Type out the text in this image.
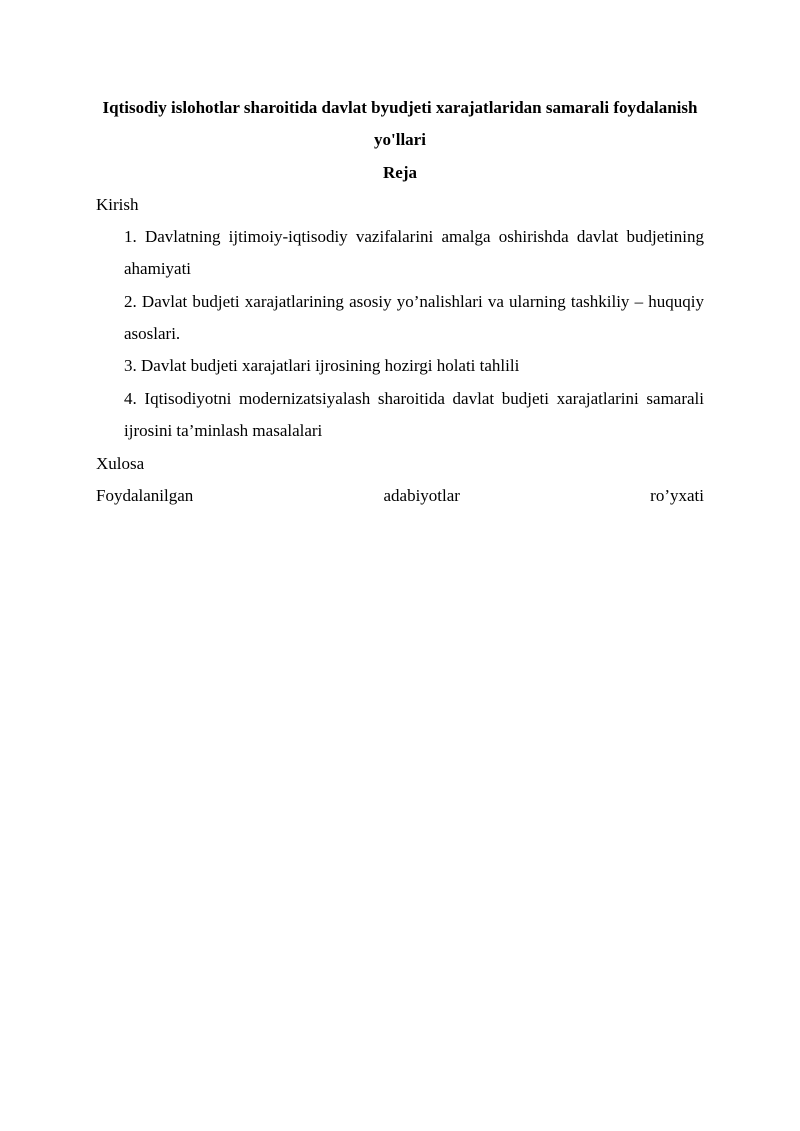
Iqtisodiy islohotlar sharoitida davlat byudjeti xarajatlaridan samarali foydalanish yo'llari
Reja
Kirish
1. Davlatning ijtimoiy-iqtisodiy vazifalarini amalga oshirishda davlat budjetining ahamiyati
2. Davlat budjeti xarajatlarining asosiy yo’nalishlari va ularning tashkiliy – huquqiy asoslari.
3. Davlat budjeti xarajatlari ijrosining hozirgi holati tahlili
4. Iqtisodiyotni modernizatsiyalash sharoitida davlat budjeti xarajatlarini samarali ijrosini ta’minlash masalalari
Xulosa
Foydalanilgan	adabiyotlar	ro’yxati
